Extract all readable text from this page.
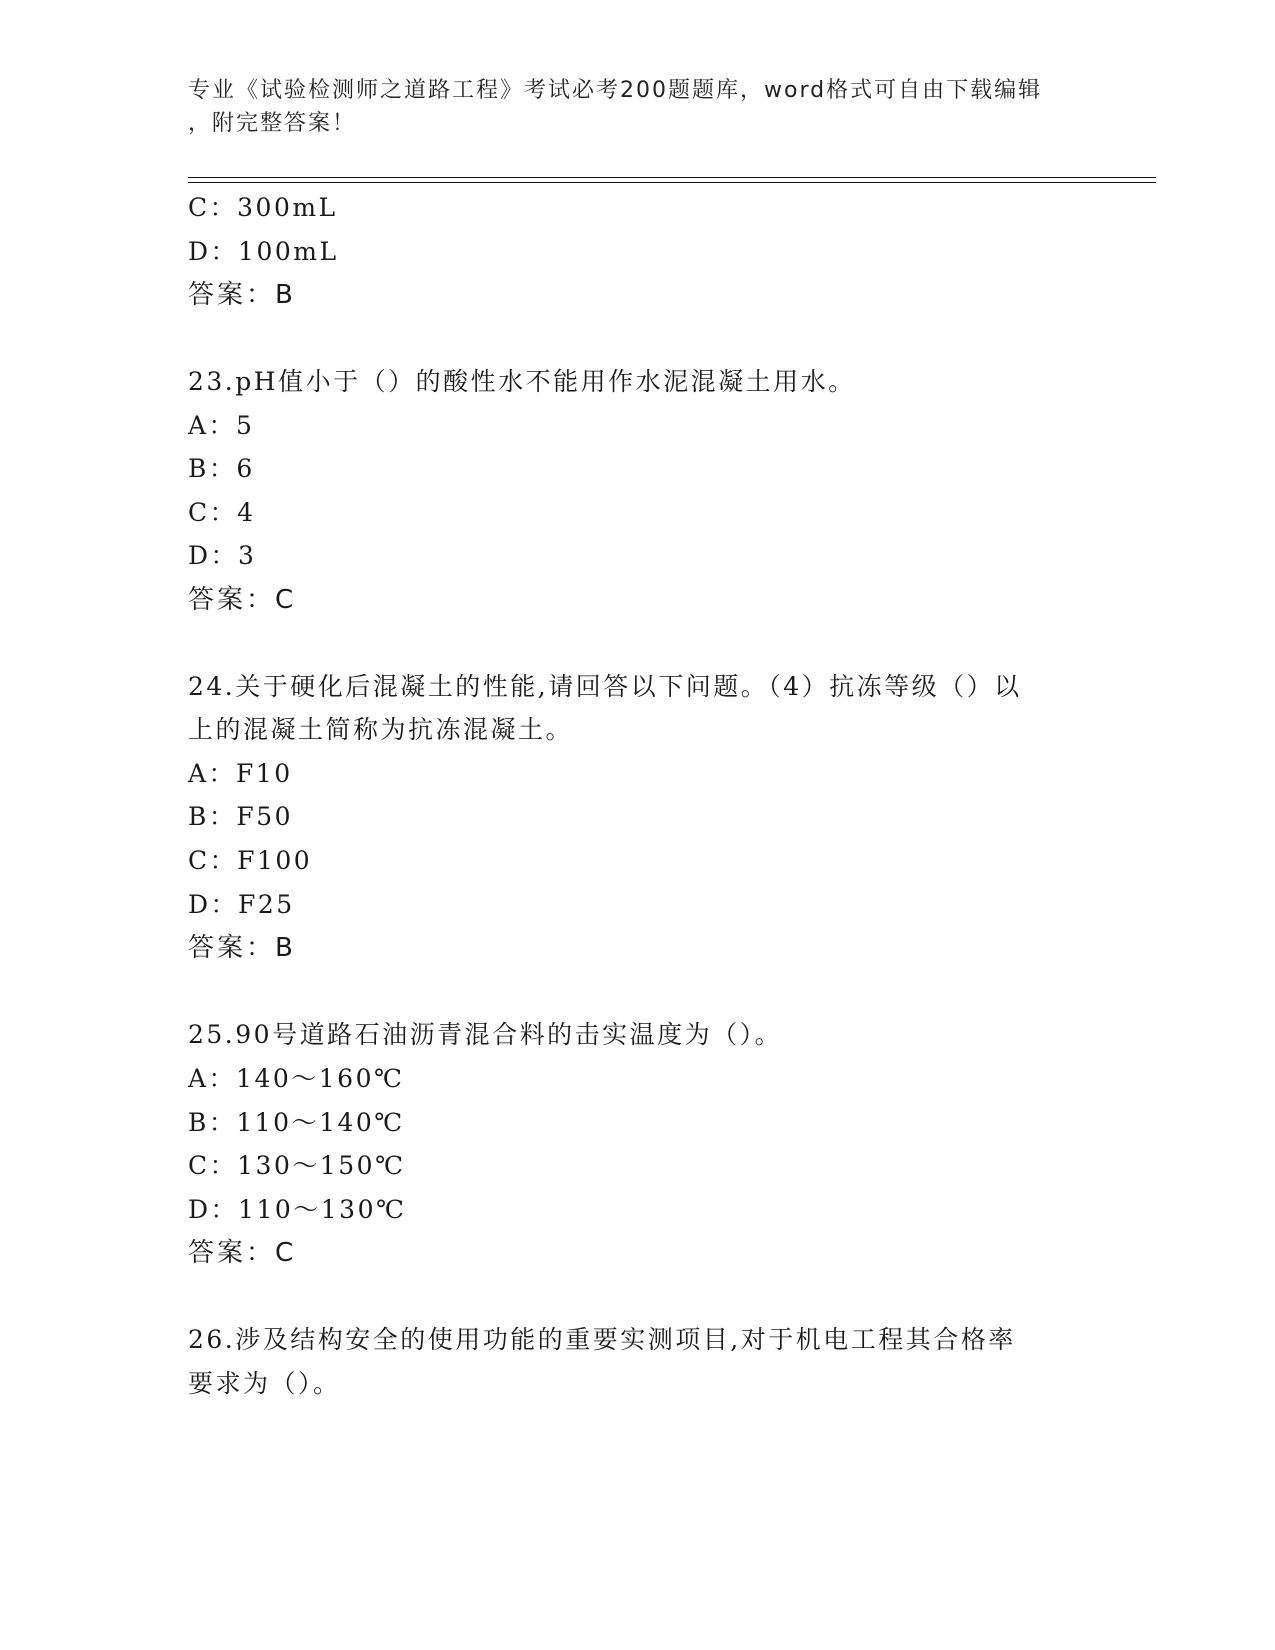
专业《试验检测师之道路工程》考试必考200题题库，word格式可自由下载编辑
，附完整答案！
C：300mL
D：100mL
答案：B
23.pH值小于（）的酸性水不能用作水泥混凝土用水。
A：5
B：6
C：4
D：3
答案：C
24.关于硬化后混凝土的性能,请回答以下问题。（4）抗冻等级（）以
上的混凝土简称为抗冻混凝土。
A：F10
B：F50
C：F100
D：F25
答案：B
25.90号道路石油沥青混合料的击实温度为（）。
A：140～160℃
B：110～140℃
C：130～150℃
D：110～130℃
答案：C
26.涉及结构安全的使用功能的重要实测项目,对于机电工程其合格率
要求为（）。
